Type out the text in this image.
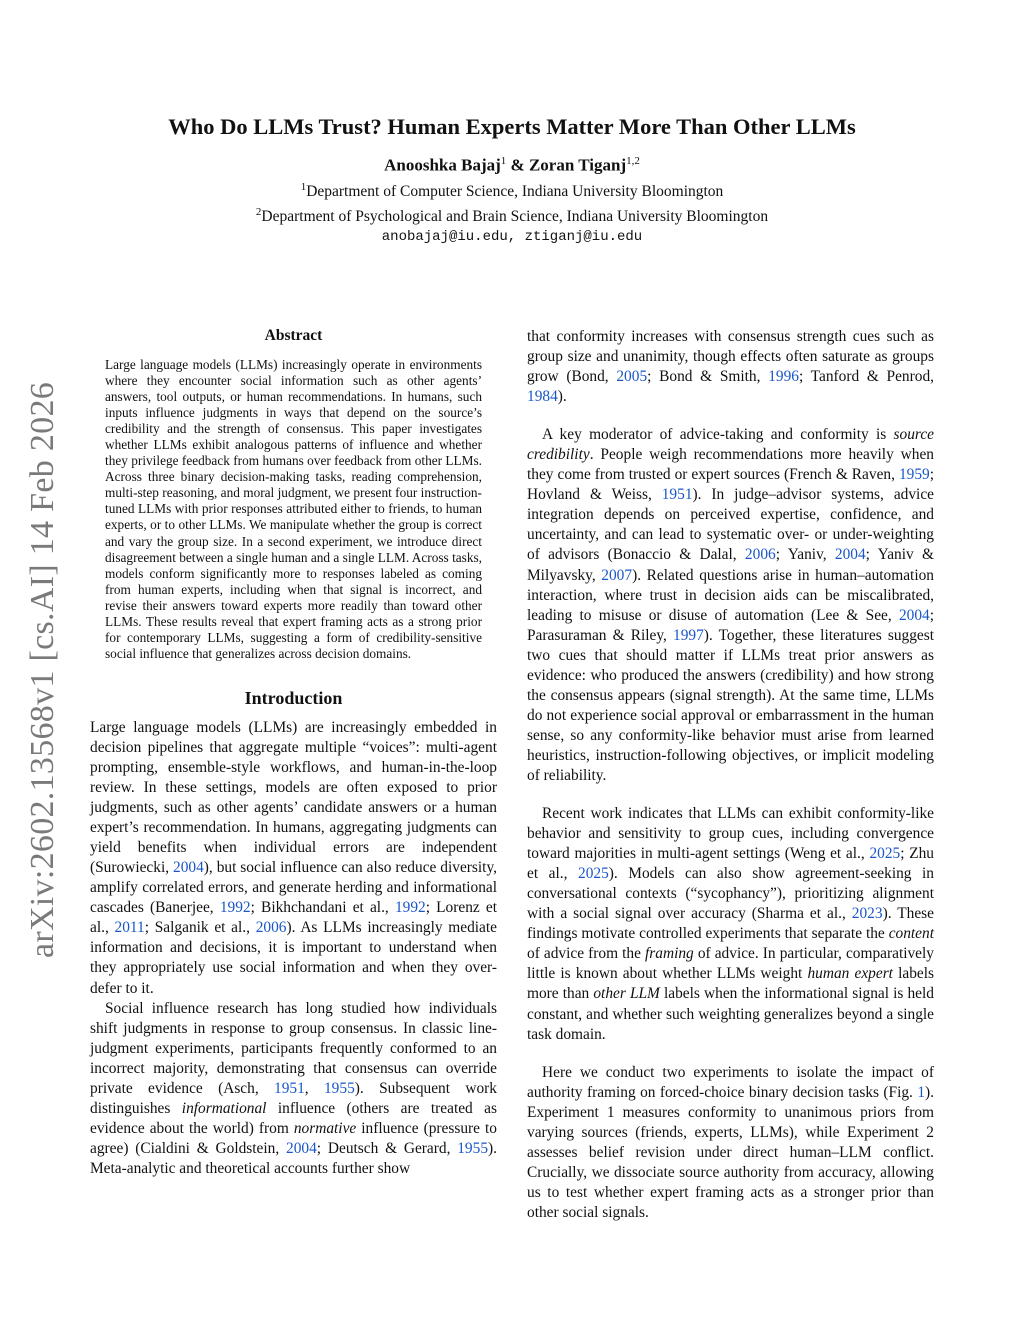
arXiv:2602.13568v1 [cs.AI] 14 Feb 2026
Who Do LLMs Trust? Human Experts Matter More Than Other LLMs
Anooshka Bajaj$^1$ & Zoran Tiganj$^{1,2}$
$^1$Department of Computer Science, Indiana University Bloomington
$^2$Department of Psychological and Brain Science, Indiana University Bloomington
anobajaj@iu.edu, ztiganj@iu.edu
Abstract
Large language models (LLMs) increasingly operate in environments where they encounter social information such as other agents’ answers, tool outputs, or human recommendations. In humans, such inputs influence judgments in ways that depend on the source’s credibility and the strength of consensus. This paper investigates whether LLMs exhibit analogous patterns of influence and whether they privilege feedback from humans over feedback from other LLMs. Across three binary decision-making tasks, reading comprehension, multi-step reasoning, and moral judgment, we present four instruction-tuned LLMs with prior responses attributed either to friends, to human experts, or to other LLMs. We manipulate whether the group is correct and vary the group size. In a second experiment, we introduce direct disagreement between a single human and a single LLM. Across tasks, models conform significantly more to responses labeled as coming from human experts, including when that signal is incorrect, and revise their answers toward experts more readily than toward other LLMs. These results reveal that expert framing acts as a strong prior for contemporary LLMs, suggesting a form of credibility-sensitive social influence that generalizes across decision domains.
Introduction

Large language models (LLMs) are increasingly embedded in decision pipelines that aggregate multiple “voices”: multi-agent prompting, ensemble-style workflows, and human-in-the-loop review. In these settings, models are often exposed to prior judgments, such as other agents’ candidate answers or a human expert’s recommendation. In humans, aggregating judgments can yield benefits when individual errors are independent (Surowiecki, 2004), but social influence can also reduce diversity, amplify correlated errors, and generate herding and informational cascades (Banerjee, 1992; Bikhchandani et al., 1992; Lorenz et al., 2011; Salganik et al., 2006). As LLMs increasingly mediate information and decisions, it is important to understand when they appropriately use social information and when they over-defer to it.

Social influence research has long studied how individuals shift judgments in response to group consensus. In classic line-judgment experiments, participants frequently conformed to an incorrect majority, demonstrating that consensus can override private evidence (Asch, 1951, 1955). Subsequent work distinguishes informational influence (others are treated as evidence about the world) from normative influence (pressure to agree) (Cialdini & Goldstein, 2004; Deutsch & Gerard, 1955). Meta-analytic and theoretical accounts further show

that conformity increases with consensus strength cues such as group size and unanimity, though effects often saturate as groups grow (Bond, 2005; Bond & Smith, 1996; Tanford & Penrod, 1984).

A key moderator of advice-taking and conformity is source credibility. People weigh recommendations more heavily when they come from trusted or expert sources (French & Raven, 1959; Hovland & Weiss, 1951). In judge–advisor systems, advice integration depends on perceived expertise, confidence, and uncertainty, and can lead to systematic over- or under-weighting of advisors (Bonaccio & Dalal, 2006; Yaniv, 2004; Yaniv & Milyavsky, 2007). Related questions arise in human–automation interaction, where trust in decision aids can be miscalibrated, leading to misuse or disuse of automation (Lee & See, 2004; Parasuraman & Riley, 1997). Together, these literatures suggest two cues that should matter if LLMs treat prior answers as evidence: who produced the answers (credibility) and how strong the consensus appears (signal strength). At the same time, LLMs do not experience social approval or embarrassment in the human sense, so any conformity-like behavior must arise from learned heuristics, instruction-following objectives, or implicit modeling of reliability.

Recent work indicates that LLMs can exhibit conformity-like behavior and sensitivity to group cues, including convergence toward majorities in multi-agent settings (Weng et al., 2025; Zhu et al., 2025). Models can also show agreement-seeking in conversational contexts (“sycophancy”), prioritizing alignment with a social signal over accuracy (Sharma et al., 2023). These findings motivate controlled experiments that separate the content of advice from the framing of advice. In particular, comparatively little is known about whether LLMs weight human expert labels more than other LLM labels when the informational signal is held constant, and whether such weighting generalizes beyond a single task domain.

Here we conduct two experiments to isolate the impact of authority framing on forced-choice binary decision tasks (Fig. 1). Experiment 1 measures conformity to unanimous priors from varying sources (friends, experts, LLMs), while Experiment 2 assesses belief revision under direct human–LLM conflict. Crucially, we dissociate source authority from accuracy, allowing us to test whether expert framing acts as a stronger prior than other social signals.
